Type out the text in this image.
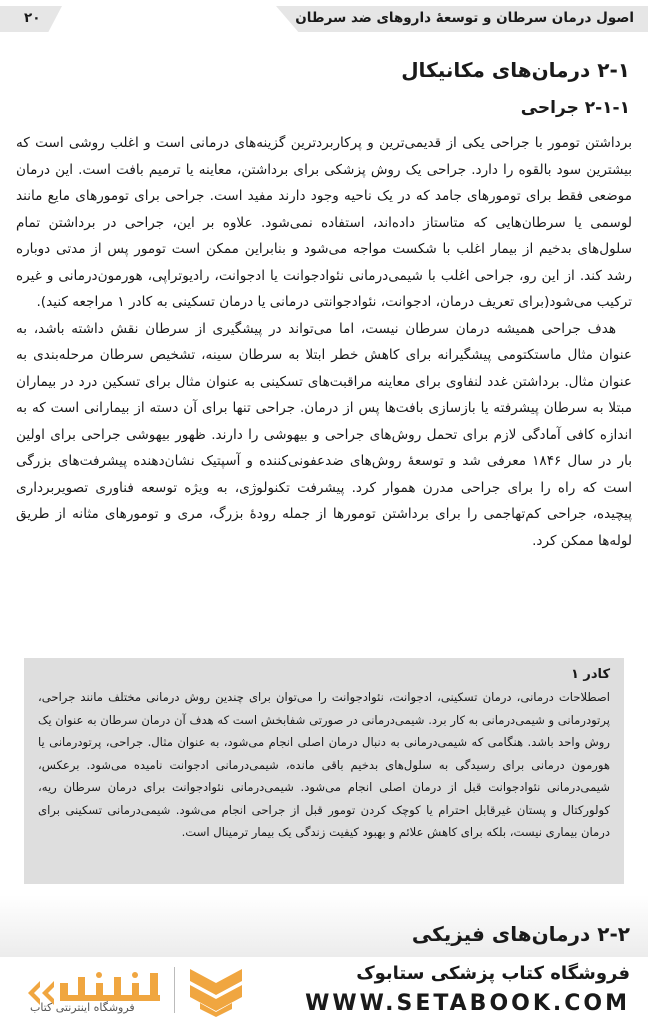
اصول درمان سرطان و توسعهٔ داروهای ضد سرطان
۲۰
۲-۱ درمان‌های مکانیکال
۲-۱-۱ جراحی

برداشتن تومور با جراحی یکی از قدیمی‌ترین و پرکاربردترین گزینه‌های درمانی است و اغلب روشی است که بیشترین سود بالقوه را دارد. جراحی یک روش پزشکی برای برداشتن، معاینه یا ترمیم بافت است. این درمان موضعی فقط برای تومورهای جامد که در یک ناحیه وجود دارند مفید است. جراحی برای تومورهای مایع مانند لوسمی یا سرطان‌هایی که متاستاز داده‌اند، استفاده نمی‌شود. علاوه بر این، جراحی در برداشتن تمام سلول‌های بدخیم از بیمار اغلب با شکست مواجه می‌شود و بنابراین ممکن است تومور پس از مدتی دوباره رشد کند. از این رو، جراحی اغلب با شیمی‌درمانی نئوادجوانت یا ادجوانت، رادیوتراپی، هورمون‌درمانی و غیره ترکیب می‌شود(برای تعریف درمان، ادجوانت، نئوادجوانتی درمانی یا درمان تسکینی به کادر ۱ مراجعه کنید).

هدف جراحی همیشه درمان سرطان نیست، اما می‌تواند در پیشگیری از سرطان نقش داشته باشد، به عنوان مثال ماستکتومی پیشگیرانه برای کاهش خطر ابتلا به سرطان سینه، تشخیص سرطان مرحله‌بندی به عنوان مثال. برداشتن غدد لنفاوی برای معاینه مراقبت‌های تسکینی به عنوان مثال برای تسکین درد در بیماران مبتلا به سرطان پیشرفته یا بازسازی بافت‌ها پس از درمان. جراحی تنها برای آن دسته از بیمارانی است که به اندازه کافی آمادگی لازم برای تحمل روش‌های جراحی و بیهوشی را دارند. ظهور بیهوشی جراحی برای اولین بار در سال ۱۸۴۶ معرفی شد و توسعهٔ روش‌های ضدعفونی‌کننده و آسپتیک نشان‌دهنده پیشرفت‌های بزرگی است که راه را برای جراحی مدرن هموار کرد. پیشرفت تکنولوژی، به ویژه توسعه فناوری تصویربرداری پیچیده، جراحی کم‌تهاجمی را برای برداشتن تومورها از جمله رودهٔ بزرگ، مری و تومورهای مثانه از طریق لوله‌ها ممکن کرد.

کادر ۱

اصطلاحات درمانی، درمان تسکینی، ادجوانت، نئوادجوانت را می‌توان برای چندین روش درمانی مختلف مانند جراحی، پرتودرمانی و شیمی‌درمانی به کار برد. شیمی‌درمانی در صورتی شفابخش است که هدف آن درمان سرطان به عنوان یک روش واحد باشد. هنگامی که شیمی‌درمانی به دنبال درمان اصلی انجام می‌شود، به عنوان مثال. جراحی، پرتودرمانی یا هورمون درمانی برای رسیدگی به سلول‌های بدخیم باقی مانده، شیمی‌درمانی ادجوانت نامیده می‌شود. برعکس، شیمی‌درمانی نئوادجوانت قبل از درمان اصلی انجام می‌شود. شیمی‌درمانی نئوادجوانت برای درمان سرطان ریه، کولورکتال و پستان غیرقابل احترام یا کوچک کردن تومور قبل از جراحی انجام می‌شود. شیمی‌درمانی تسکینی برای درمان بیماری نیست، بلکه برای کاهش علائم و بهبود کیفیت زندگی یک بیمار ترمینال است.

۲-۲ درمان‌های فیزیکی
فروشگاه کتاب پزشکی ستابوک
WWW.SETABOOK.COM
فروشگاه اینترنتی کتاب
